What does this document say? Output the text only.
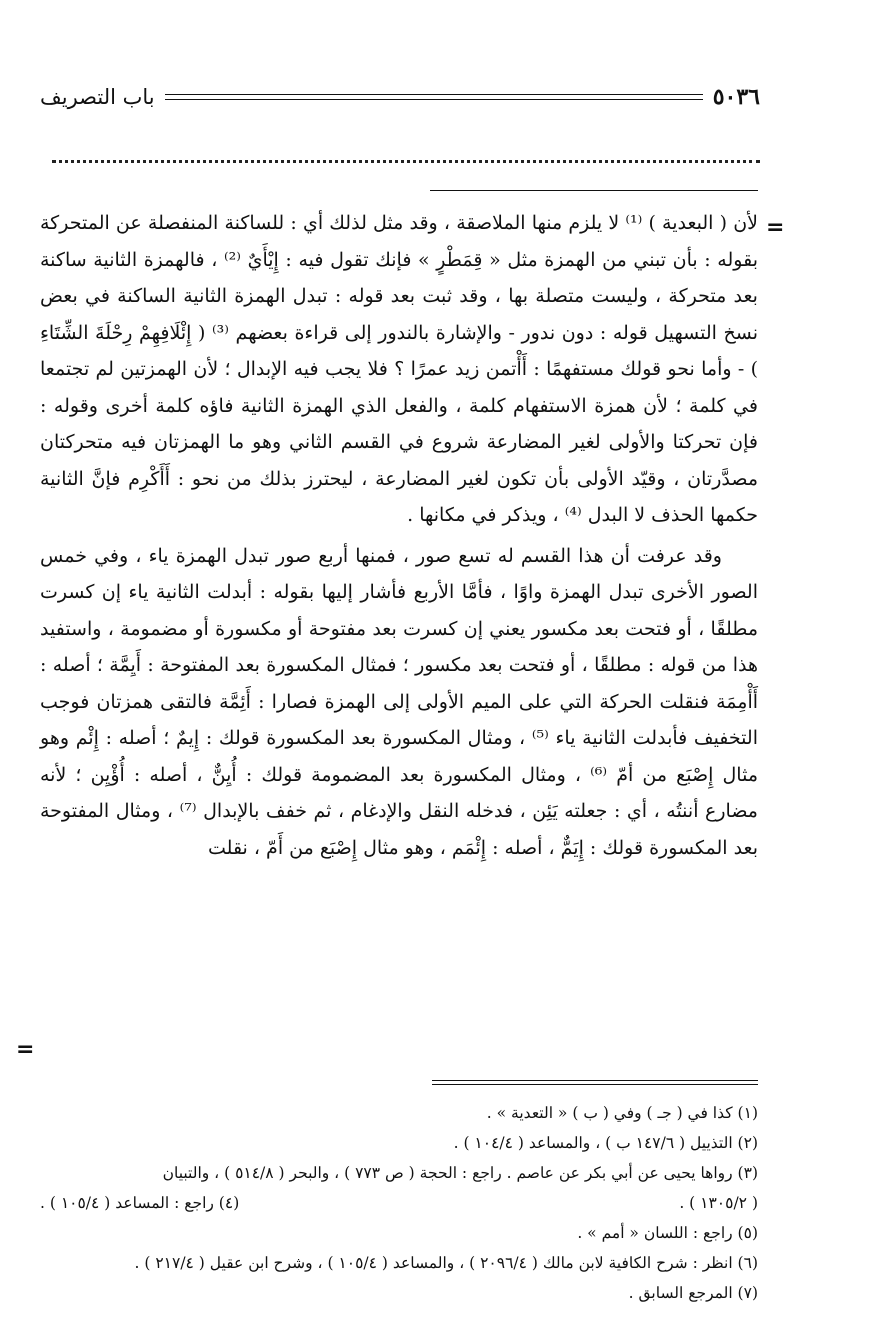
٥٠٣٦
باب التصريف
=

لأن ( البعدية ) ⁽¹⁾ لا يلزم منها الملاصقة ، وقد مثل لذلك أي : للساكنة المنفصلة عن المتحركة بقوله : بأن تبني من الهمزة مثل « قِمَطْرٍ » فإنك تقول فيه : إِيْأَيٌ ⁽²⁾ ، فالهمزة الثانية ساكنة بعد متحركة ، وليست متصلة بها ، وقد ثبت بعد قوله : تبدل الهمزة الثانية الساكنة في بعض نسخ التسهيل قوله : دون ندور - والإشارة بالندور إلى قراءة بعضهم ⁽³⁾ ( إِئْلَافِهِمْ رِحْلَةَ الشِّتَاءِ ) - وأما نحو قولك مستفهمًا : أَأْتمن زيد عمرًا ؟ فلا يجب فيه الإبدال ؛ لأن الهمزتين لم تجتمعا في كلمة ؛ لأن همزة الاستفهام كلمة ، والفعل الذي الهمزة الثانية فاؤه كلمة أخرى وقوله : فإن تحركتا والأولى لغير المضارعة شروع في القسم الثاني وهو ما الهمزتان فيه متحركتان مصدَّرتان ، وقيّد الأولى بأن تكون لغير المضارعة ، ليحترز بذلك من نحو : أَأَكْرِم فإنَّ الثانية حكمها الحذف لا البدل ⁽⁴⁾ ، ويذكر في مكانها .

وقد عرفت أن هذا القسم له تسع صور ، فمنها أربع صور تبدل الهمزة ياء ، وفي خمس الصور الأخرى تبدل الهمزة واوًا ، فأمَّا الأربع فأشار إليها بقوله : أبدلت الثانية ياء إن كسرت مطلقًا ، أو فتحت بعد مكسور يعني إن كسرت بعد مفتوحة أو مكسورة أو مضمومة ، واستفيد هذا من قوله : مطلقًا ، أو فتحت بعد مكسور ؛ فمثال المكسورة بعد المفتوحة : أَيِمَّة ؛ أصله : أَأْمِمَة فنقلت الحركة التي على الميم الأولى إلى الهمزة فصارا : أَئِمَّة فالتقى همزتان فوجب التخفيف فأبدلت الثانية ياء ⁽⁵⁾ ، ومثال المكسورة بعد المكسورة قولك : إِيمٌ ؛ أصله : إِئْم وهو مثال إِصْبَع من أمّ ⁽⁶⁾ ، ومثال المكسورة بعد المضمومة قولك : أُيِنٌّ ، أصله : أُؤْيِن ؛ لأنه مضارع أننتُه ، أي : جعلته يَئِن ، فدخله النقل والإدغام ، ثم خفف بالإبدال ⁽⁷⁾ ، ومثال المفتوحة بعد المكسورة قولك : إِيَمٌّ ، أصله : إِئْمَم ، وهو مثال إِصْبَع من أَمّ ، نقلت

=

(١) كذا في ( جـ ) وفي ( ب ) « التعدية » .

(٢) التذييل ( ١٤٧/٦ ب ) ، والمساعد ( ١٠٤/٤ ) .

(٣) رواها يحيى عن أبي بكر عن عاصم . راجع : الحجة ( ص ٧٧٣ ) ، والبحر ( ٥١٤/٨ ) ، والتبيان

( ١٣٠٥/٢ ) .
(٤) راجع : المساعد ( ١٠٥/٤ ) .

(٥) راجع : اللسان « أمم » .

(٦) انظر : شرح الكافية لابن مالك ( ٢٠٩٦/٤ ) ، والمساعد ( ١٠٥/٤ ) ، وشرح ابن عقيل ( ٢١٧/٤ ) .

(٧) المرجع السابق .
